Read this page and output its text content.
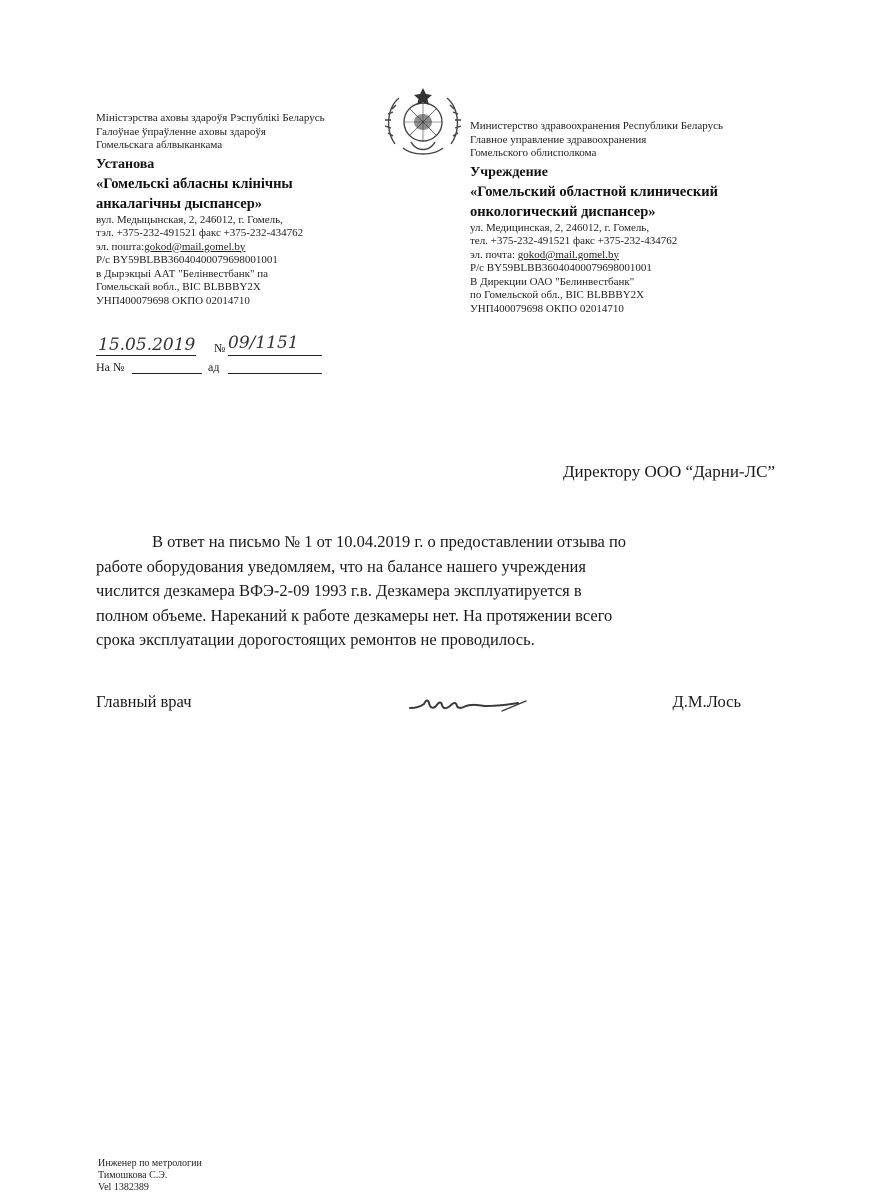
Міністэрства аховы здароўя Рэспублікі Беларусь
Галоўнае ўпраўленне аховы здароўя
Гомельскага аблвыканкама
Установа
«Гомельскі абласны клінічны
анкалагічны дыспансер»
вул. Медыцынская, 2, 246012, г. Гомель,
тэл. +375-232-491521 факс +375-232-434762
эл. пошта:gokod@mail.gomel.by
Р/с BY59BLBB36040400079698001001
в Дырэкцыі ААТ "Белінвестбанк" па
Гомельскай вобл., BIC BLBBBY2X
УНП400079698 ОКПО 02014710
Министерство здравоохранения Республики Беларусь
Главное управление здравоохранения
Гомельского облисполкома
Учреждение
«Гомельский областной клинический
онкологический диспансер»
ул. Медицинская, 2, 246012, г. Гомель,
тел. +375-232-491521 факс +375-232-434762
эл. почта: gokod@mail.gomel.by
Р/с BY59BLBB36040400079698001001
В Дирекции ОАО "Белинвестбанк"
по Гомельской обл., BIC BLBBBY2X
УНП400079698 ОКПО 02014710
15.05.2019 № 09/1151
На №	ад
Директору ООО “Дарни-ЛС”
В ответ на письмо № 1 от 10.04.2019 г. о предоставлении отзыва по
работе оборудования уведомляем, что на балансе нашего учреждения
числится дезкамера ВФЭ-2-09 1993 г.в. Дезкамера эксплуатируется в
полном объеме. Нареканий к работе дезкамеры нет. На протяжении всего
срока эксплуатации дорогостоящих ремонтов не проводилось.
Главный врач	Д.М.Лось
Инженер по метрологии
Тимошкова С.Э.
Vel 1382389
